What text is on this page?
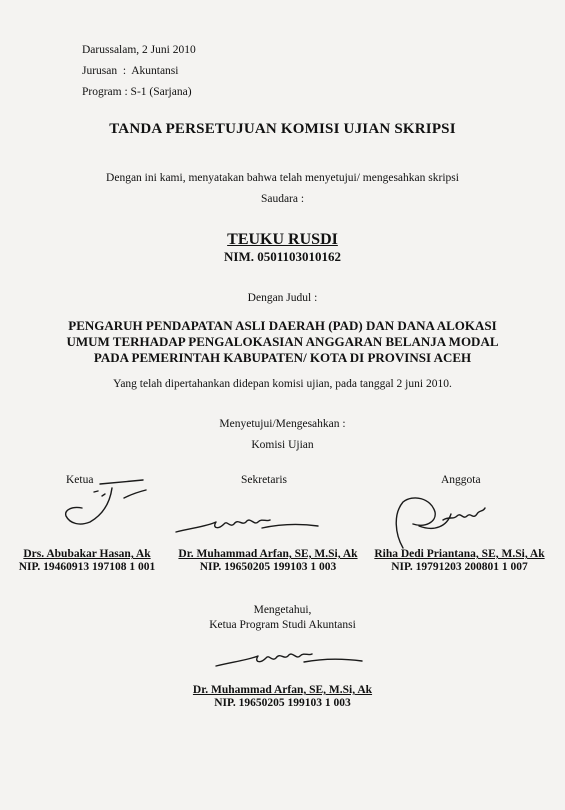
Darussalam, 2 Juni 2010
Jurusan  :  Akuntansi
Program : S-1 (Sarjana)
TANDA PERSETUJUAN KOMISI UJIAN SKRIPSI
Dengan ini kami, menyatakan bahwa telah menyetujui/ mengesahkan skripsi
Saudara :
TEUKU RUSDI
NIM. 0501103010162
Dengan Judul :
PENGARUH PENDAPATAN ASLI DAERAH (PAD) DAN DANA ALOKASI
UMUM TERHADAP PENGALOKASIAN ANGGARAN BELANJA MODAL
PADA PEMERINTAH KABUPATEN/ KOTA DI PROVINSI ACEH
Yang telah dipertahankan didepan komisi ujian, pada tanggal 2 juni 2010.
Menyetujui/Mengesahkan :
Komisi Ujian
Ketua	Sekretaris	Anggota
Drs. Abubakar Hasan, Ak
NIP. 19460913 197108 1 001
Dr. Muhammad Arfan, SE, M.Si, Ak
NIP. 19650205 199103 1 003
Riha Dedi Priantana, SE, M.Si, Ak
NIP. 19791203 200801 1 007
Mengetahui,
Ketua Program Studi Akuntansi
Dr. Muhammad Arfan, SE, M.Si, Ak
NIP. 19650205 199103 1 003
